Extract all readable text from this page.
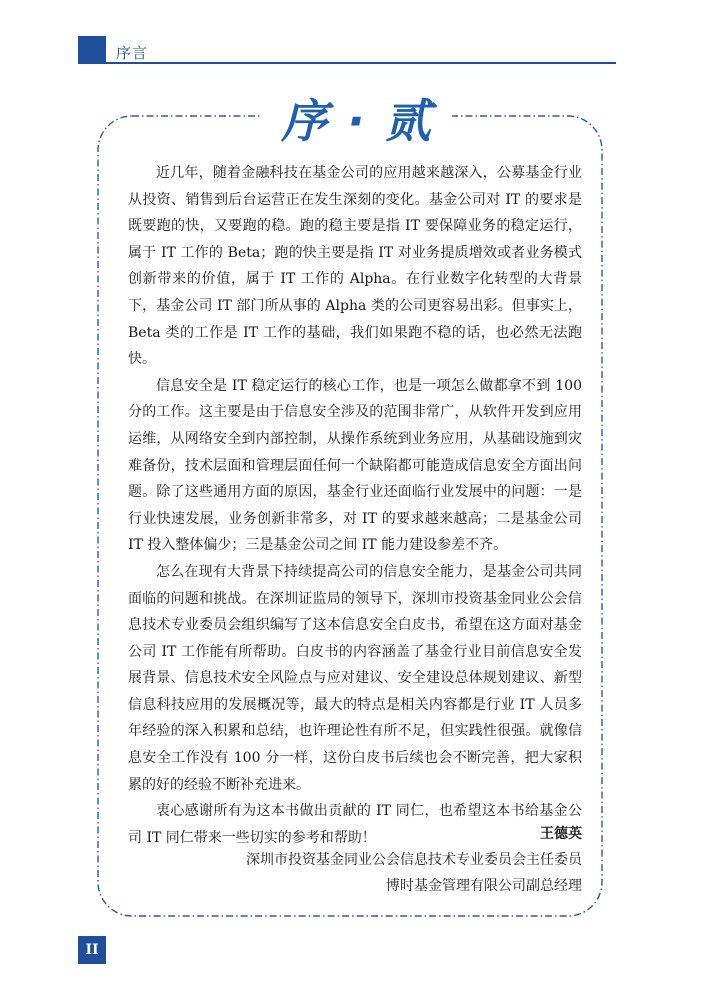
序言
序 · 贰

近几年，随着金融科技在基金公司的应用越来越深入，公募基金行业从投资、销售到后台运营正在发生深刻的变化。基金公司对 IT 的要求是既要跑的快，又要跑的稳。跑的稳主要是指 IT 要保障业务的稳定运行，属于 IT 工作的 Beta；跑的快主要是指 IT 对业务提质增效或者业务模式创新带来的价值，属于 IT 工作的 Alpha。在行业数字化转型的大背景下，基金公司 IT 部门所从事的 Alpha 类的公司更容易出彩。但事实上，Beta 类的工作是 IT 工作的基础，我们如果跑不稳的话，也必然无法跑快。

信息安全是 IT 稳定运行的核心工作，也是一项怎么做都拿不到 100 分的工作。这主要是由于信息安全涉及的范围非常广，从软件开发到应用运维，从网络安全到内部控制，从操作系统到业务应用，从基础设施到灾难备份，技术层面和管理层面任何一个缺陷都可能造成信息安全方面出问题。除了这些通用方面的原因，基金行业还面临行业发展中的问题：一是行业快速发展，业务创新非常多，对 IT 的要求越来越高；二是基金公司 IT 投入整体偏少；三是基金公司之间 IT 能力建设参差不齐。

怎么在现有大背景下持续提高公司的信息安全能力，是基金公司共同面临的问题和挑战。在深圳证监局的领导下，深圳市投资基金同业公会信息技术专业委员会组织编写了这本信息安全白皮书，希望在这方面对基金公司 IT 工作能有所帮助。白皮书的内容涵盖了基金行业目前信息安全发展背景、信息技术安全风险点与应对建议、安全建设总体规划建议、新型信息科技应用的发展概况等，最大的特点是相关内容都是行业 IT 人员多年经验的深入积累和总结，也许理论性有所不足，但实践性很强。就像信息安全工作没有 100 分一样，这份白皮书后续也会不断完善，把大家积累的好的经验不断补充进来。

衷心感谢所有为这本书做出贡献的 IT 同仁，也希望这本书给基金公司 IT 同仁带来一些切实的参考和帮助！	王德英
深圳市投资基金同业公会信息技术专业委员会主任委员
博时基金管理有限公司副总经理
II
